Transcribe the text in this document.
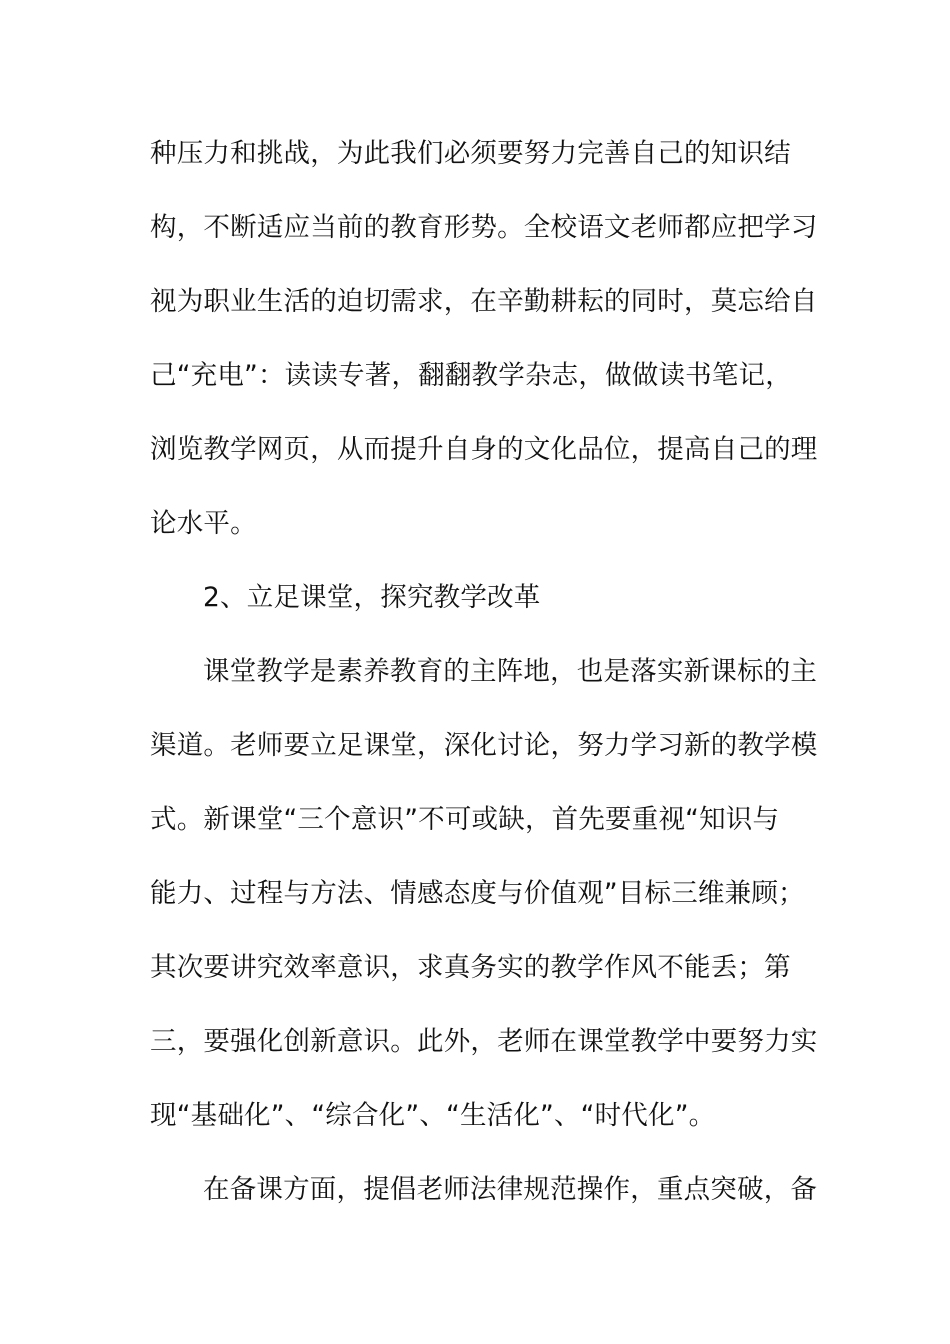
种压力和挑战，为此我们必须要努力完善自己的知识结
构，不断适应当前的教育形势。全校语文老师都应把学习
视为职业生活的迫切需求，在辛勤耕耘的同时，莫忘给自
己“充电”：读读专著，翻翻教学杂志，做做读书笔记，
浏览教学网页，从而提升自身的文化品位，提高自己的理
论水平。
2、立足课堂，探究教学改革
课堂教学是素养教育的主阵地，也是落实新课标的主
渠道。老师要立足课堂，深化讨论，努力学习新的教学模
式。新课堂“三个意识”不可或缺，首先要重视“知识与
能力、过程与方法、情感态度与价值观”目标三维兼顾；
其次要讲究效率意识，求真务实的教学作风不能丢；第
三，要强化创新意识。此外，老师在课堂教学中要努力实
现“基础化”、“综合化”、“生活化”、“时代化”。
在备课方面，提倡老师法律规范操作，重点突破，备
